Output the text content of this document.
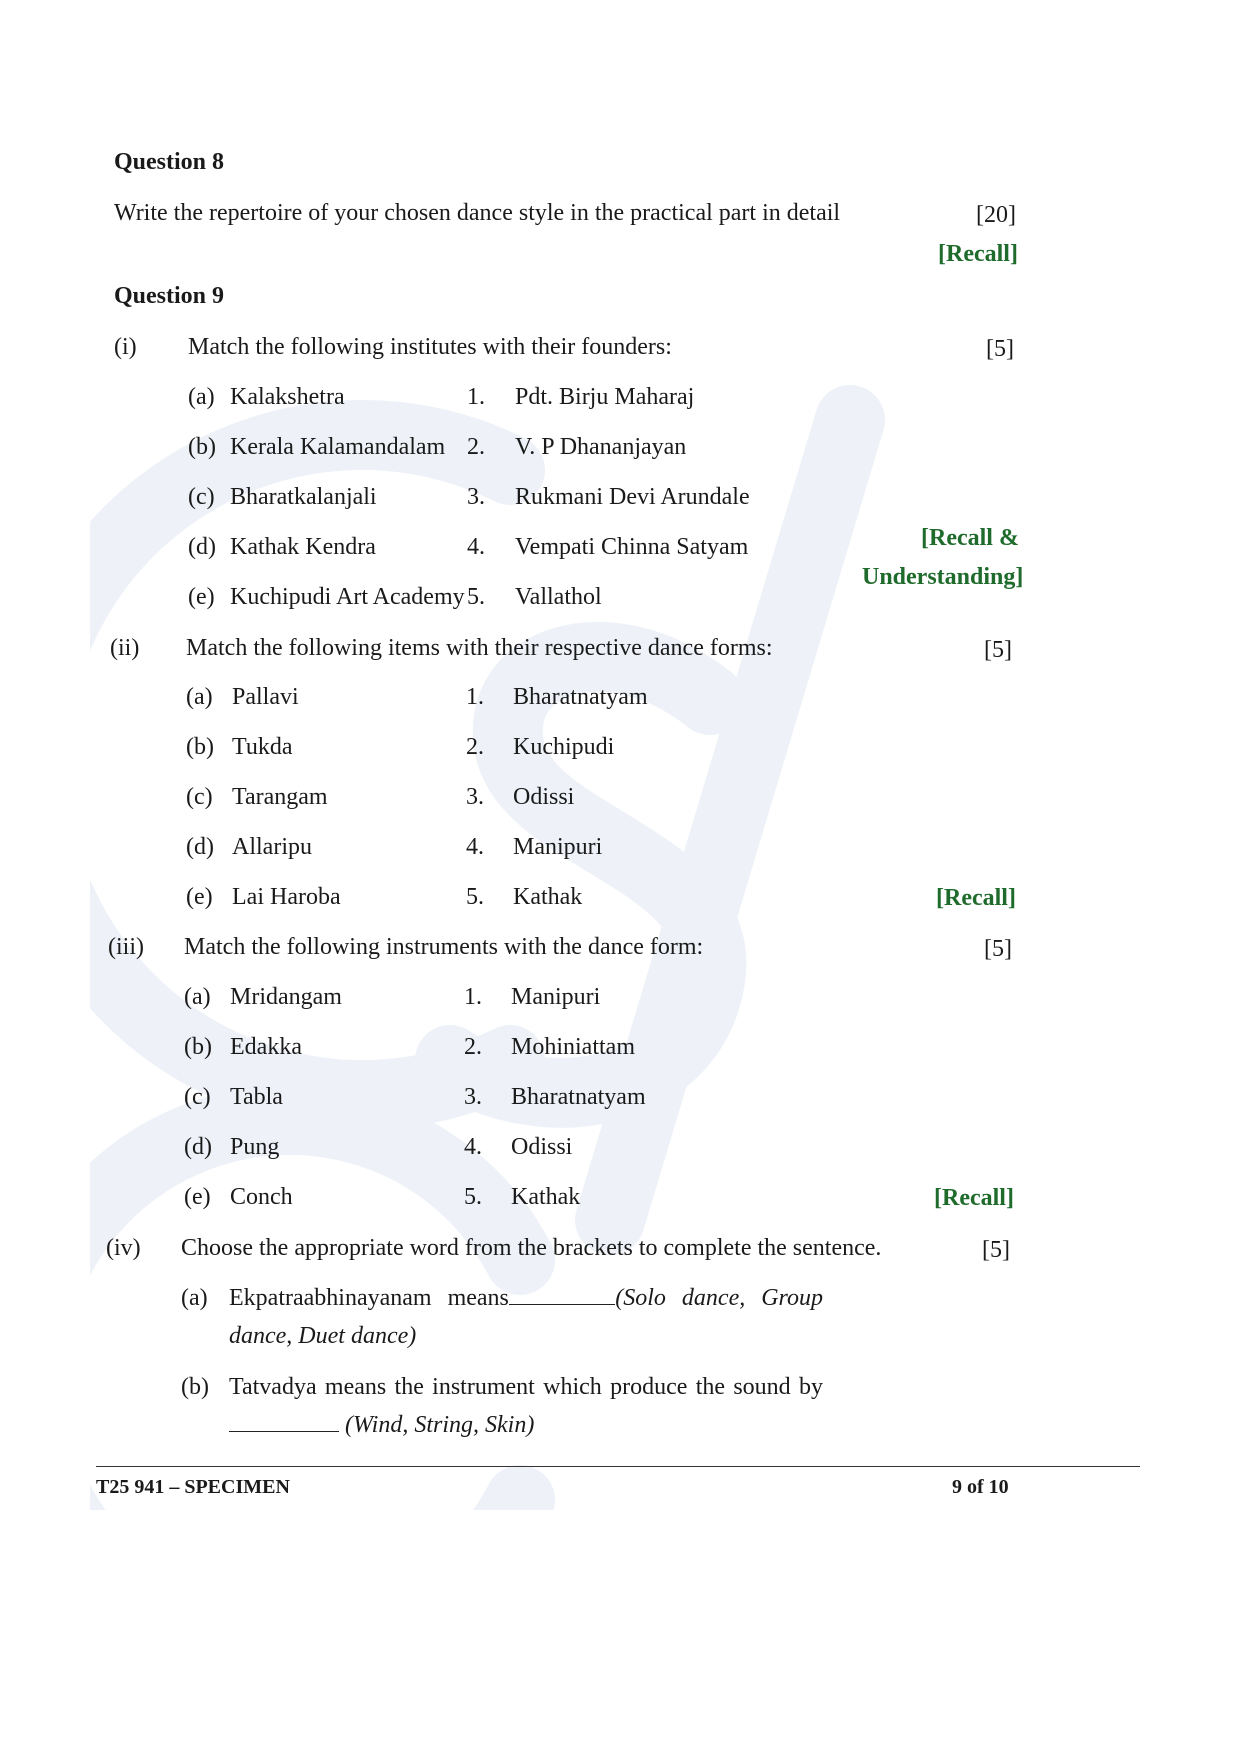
Question 8
Write the repertoire of your chosen dance style in the practical part in detail	[20]
[Recall]
Question 9
(i) Match the following institutes with their founders:	[5]
(a) Kalakshetra	1. Pdt. Birju Maharaj
(b) Kerala Kalamandalam 2. V. P Dhananjayan
(c) Bharatkalanjali	3. Rukmani Devi Arundale
(d) Kathak Kendra	4. Vempati Chinna Satyam
(e) Kuchipudi Art Academy 5. Vallathol
[Recall &
Understanding]
(ii) Match the following items with their respective dance forms:	[5]
(a) Pallavi	1. Bharatnatyam
(b) Tukda	2. Kuchipudi
(c) Tarangam	3. Odissi
(d) Allaripu	4. Manipuri
(e) Lai Haroba	5. Kathak	[Recall]
(iii) Match the following instruments with the dance form:	[5]
(a) Mridangam	1. Manipuri
(b) Edakka	2. Mohiniattam
(c) Tabla	3. Bharatnatyam
(d) Pung	4. Odissi
(e) Conch	5. Kathak	[Recall]
(iv) Choose the appropriate word from the brackets to complete the sentence.	[5]
(a) Ekpatraabhinayanam means	(Solo dance, Group
dance, Duet dance)
(b) Tatvadya means the instrument which produce the sound by
(Wind, String, Skin)
T25 941 – SPECIMEN	9 of 10
